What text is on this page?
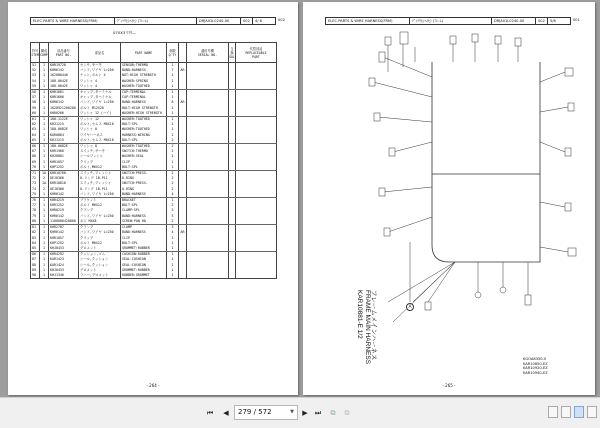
ELEC.PARTS & WIRE HARNESS(FRM)	ﾃﾞﾝｿｳﾋﾝﾊｲｾﾝ (ﾌﾚｰﾑ)	DRJA01L0240-00	002	4/ 6	002
070X3 ﾜｲﾔ—
符号
ITEM	構成
COMP	部品番号
PART NO.	部品名	PART NAME	個数
Q'TY		適用号機
SERIAL NO.	交換
SOL	代替部品
REPLACEABLE
PART
51	1	KHR19720	センサ,サーモ	SENSOR;THERMO	1				
52	1	KHR6142	バンド,ワイヤ L=250	BAND:HARNESS	7	AR			
53	1	162080440	ナット,ボルト 4	NUT:HIGH STRENGTH	1				
54	1	180-0042E	ワッシャ 4	WASHER:SPRING	1				
55	1	180-0042E	ワッシャ 4	WASHER:TOOTHED	1				
56	1	KHR1661	キャップ,ターミナル	CAP:TERMINAL	1				
57	1	KHR1606	キャップ,ターミナル	CAP:TERMINAL	1				
58	1	KHR6142	バンド,ワイヤ L=250	BAND:HARNESS	8	AR			
59	1	1020921200200	ボルト M12X20	BOLT:HIGH STRENGTH	1				
60	1	KHR0266	ワッシャ 12 (ハイ)	WASHER:HIGH STRENGTH	1				
61	1	180-1122E	ワッシャ 12	WASHER:TOOTHED	1				
62	1	KHJ1215	ボルト,セムス M8X16	BOLT:SPL	1				
63	1	180-0082E	ワッシャ 8	WASHER:TOOTHED	1				
64	1	KAR0864	ワイヤハーネス	HARNESS:WIRING	1				
65	1	KHJ1215	ボルト,セムス M8X16	BOLT:SPL	2				
66	1	180-0082E	ワッシャ 8	WASHER:TOOTHED	2				
67	1	KHR1960	スイッチ,サーモ	SWITCH:THERMO	1				
68	1	KHJ0881	シールワッシャ	WASHER:SEAL	1				
69	1	KHR1057	クリップ	CLIP	1				
70	1	KHP1252	ボルト,M6X12	BOLT:SPL	1				
71	1A	KHR10760	スイッチ,プレッシャ	SWITCH:PRESS.	2				
72	2	UEJ0360	O-リング 1B-P11	O-RING	2				
73	1A	KHR10810	スイッチ,プレッシャ	SWITCH:PRESS.	2				
74	2	UEJ0360	O-リング 1B-P11	O-RING	2				
75	1	KHR6142	バンド,ワイヤ L=250	BAND:HARNESS	4				
76	1	KHR4219	ブラケット	BRACKET	1				
77	1	KHR1252	ボルト M6X12	BOLT:SPL	2				
78	1	KHR0219	クランプ	CLAMP:SPL	3				
79	1	KHR6142	バンド,ワイヤ L=250	BAND:HARNESS	5				
80	1	1100000420000	ネジ M4X8	SCREW:PAN HD	2				
81	1	KHR2787	クランプ	CLAMP	3				
82	1	KHR6142	バンド,ワイヤ L=250	BAND:HARNESS	4	AR			
83	1	KHR1057	クリップ	CLIP	1				
84	1	KHP1252	ボルト M6X12	BOLT:SPL	1				
85	1	KHJ0433	グロメット	GROMMET:RUBBER	1				
86	1	KHR4292	クッション,ゴム	CUSHION:RUBBER	1				
87	1	KAR1423	シール,クッション	SEAL:CUSHION	1				
88	1	KAR1424	シール,クッション	SEAL:CUSHION	1				
89	1	KHJ0433	グロメット	GROMMET:RUBBER	1				
90	1	KHJ1346	ラバー,グロメット	RUBBER:GROMMET	1				
- 264 -
ELEC.PARTS & WIRE HARNESS(FRM)	ﾃﾞﾝｿｳﾋﾝﾊｲｾﾝ (ﾌﾚｰﾑ)	DRJA01L0240-00	002	5/6	001
A
フレームメインハーネス
FRAME MAIN HARNESS
KAR10881-E 1/2
KGOA8350-0
KAR10850-EZ
KAR10920-EZ
KAR10940-EZ
- 265 -
⏮	◀	279 / 572	▼	▶	⏭	⧉	⧉
